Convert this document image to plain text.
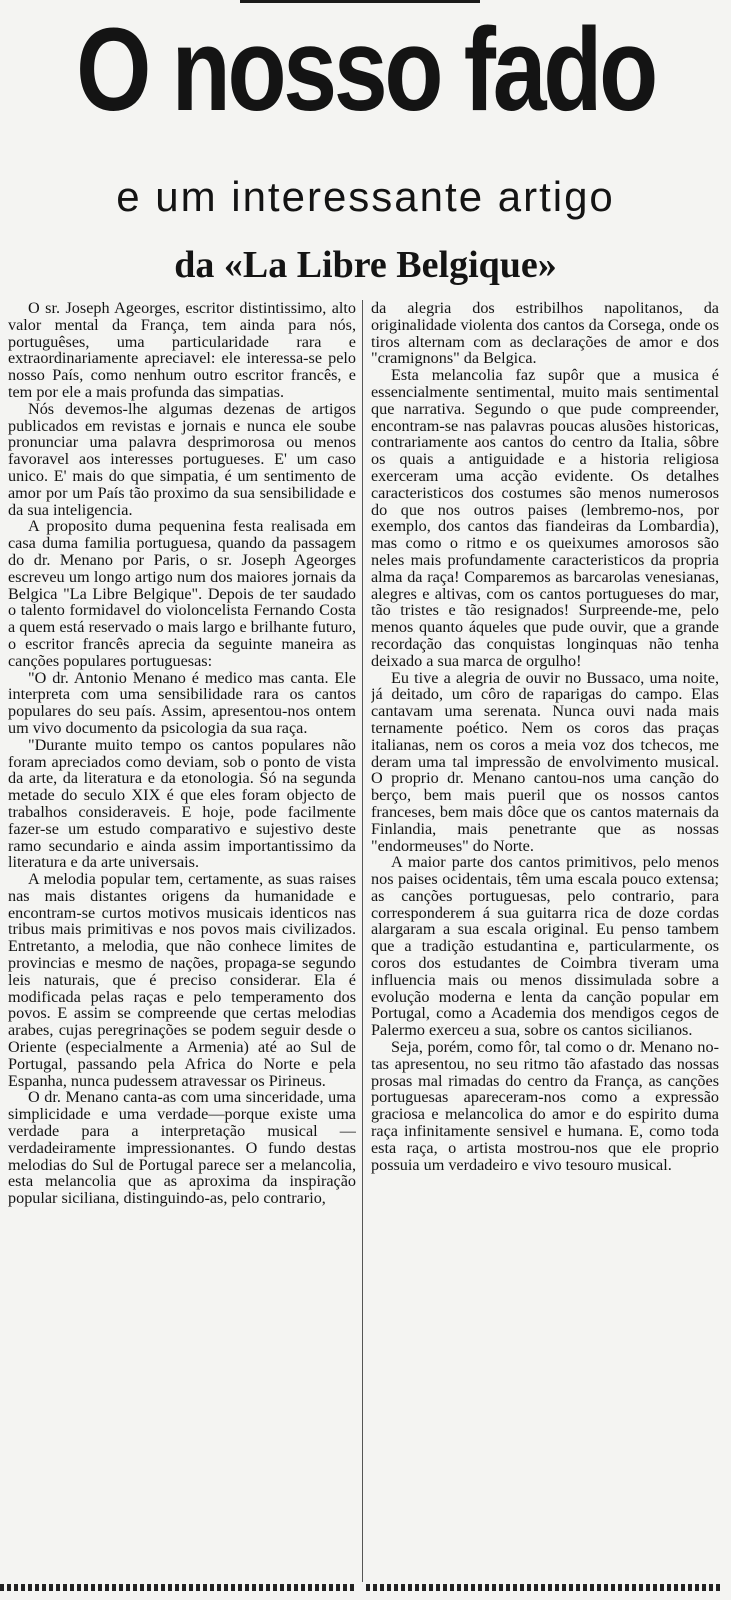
O nosso fado
e um interessante artigo
da «La Libre Belgique»

O sr. Joseph Ageorges, escritor distintissimo, alto valor mental da França, tem ainda para nós, portuguêses, uma particularidade rara e extraordinariamente apreciavel: ele interessa-se pelo nosso País, como nenhum outro escritor francês, e tem por ele a mais profunda das simpatias.

Nós devemos-lhe algumas dezenas de artigos publicados em revistas e jornais e nunca ele soube pronunciar uma palavra desprimorosa ou menos favoravel aos interesses portugueses. E' um caso unico. E' mais do que simpatia, é um sentimento de amor por um País tão proximo da sua sensibilidade e da sua inteligencia.

A proposito duma pequenina festa realisada em casa duma familia portuguesa, quando da passagem do dr. Menano por Paris, o sr. Joseph Ageorges escreveu um longo artigo num dos maiores jornais da Belgica "La Libre Belgique". Depois de ter saudado o talento formidavel do violoncelista Fernando Costa a quem está reservado o mais largo e brilhante futuro, o escritor francês aprecia da seguinte maneira as canções populares portuguesas:

"O dr. Antonio Menano é medico mas canta. Ele interpreta com uma sensibilidade rara os cantos populares do seu país. Assim, apresentou-nos ontem um vivo documento da psicologia da sua raça.

"Durante muito tempo os cantos populares não foram apreciados como deviam, sob o ponto de vista da arte, da literatura e da etonologia. Só na segunda metade do seculo XIX é que eles foram objecto de trabalhos consideraveis. E hoje, pode facilmente fazer-se um estudo comparativo e sujestivo deste ramo secundario e ainda assim importantissimo da literatura e da arte universais.

A melodia popular tem, certamente, as suas raises nas mais distantes origens da humanidade e encontram-se curtos motivos musicais identicos nas tribus mais primitivas e nos povos mais civilizados. Entretanto, a melodia, que não conhece limites de provincias e mesmo de nações, propaga-se segundo leis naturais, que é preciso considerar. Ela é modificada pelas raças e pelo temperamento dos povos. E assim se compreende que certas melodias arabes, cujas peregrinações se podem seguir desde o Oriente (especialmente a Armenia) até ao Sul de Portugal, passando pela Africa do Norte e pela Espanha, nunca pudessem atravessar os Pirineus.

O dr. Menano canta-as com uma sinceridade, uma simplicidade e uma verdade—porque existe uma verdade para a interpretação musical — verdadeiramente impressionantes. O fundo destas melodias do Sul de Portugal parece ser a melancolia, esta melancolia que as aproxima da inspiração popular siciliana, distinguindo-as, pelo contrario,

da alegria dos estribilhos napolitanos, da originalidade violenta dos cantos da Corsega, onde os tiros alternam com as declarações de amor e dos "cramignons" da Belgica.

Esta melancolia faz supôr que a musica é essencialmente sentimental, muito mais sentimental que narrativa. Segundo o que pude compreender, encontram-se nas palavras poucas alusões historicas, contrariamente aos cantos do centro da Italia, sôbre os quais a antiguidade e a historia religiosa exerceram uma acção evidente. Os detalhes caracteristicos dos costumes são menos numerosos do que nos outros paises (lembremo-nos, por exemplo, dos cantos das fiandeiras da Lombardia), mas como o ritmo e os queixumes amorosos são neles mais profundamente caracteristicos da propria alma da raça! Comparemos as barcarolas venesianas, alegres e altivas, com os cantos portugueses do mar, tão tristes e tão resignados! Surpreende-me, pelo menos quanto áqueles que pude ouvir, que a grande recordação das conquistas longinquas não tenha deixado a sua marca de orgulho!

Eu tive a alegria de ouvir no Bussaco, uma noite, já deitado, um côro de raparigas do campo. Elas cantavam uma serenata. Nunca ouvi nada mais ternamente poético. Nem os coros das praças italianas, nem os coros a meia voz dos tchecos, me deram uma tal impressão de envolvimento musical. O proprio dr. Menano cantou-nos uma canção do berço, bem mais pueril que os nossos cantos franceses, bem mais dôce que os cantos maternais da Finlandia, mais penetrante que as nossas "endormeuses" do Norte.

A maior parte dos cantos primitivos, pelo menos nos paises ocidentais, têm uma escala pouco extensa; as canções portuguesas, pelo contrario, para corresponderem á sua guitarra rica de doze cordas alargaram a sua escala original. Eu penso tambem que a tradição estudantina e, particularmente, os coros dos estudantes de Coimbra tiveram uma influencia mais ou menos dissimulada sobre a evolução moderna e lenta da canção popular em Portugal, como a Academia dos mendigos cegos de Palermo exerceu a sua, sobre os cantos sicilianos.

Seja, porém, como fôr, tal como o dr. Menano no-tas apresentou, no seu ritmo tão afastado das nossas prosas mal rimadas do centro da França, as canções portuguesas apareceram-nos como a expressão graciosa e melancolica do amor e do espirito duma raça infinitamente sensivel e humana. E, como toda esta raça, o artista mostrou-nos que ele proprio possuia um verdadeiro e vivo tesouro musical.
